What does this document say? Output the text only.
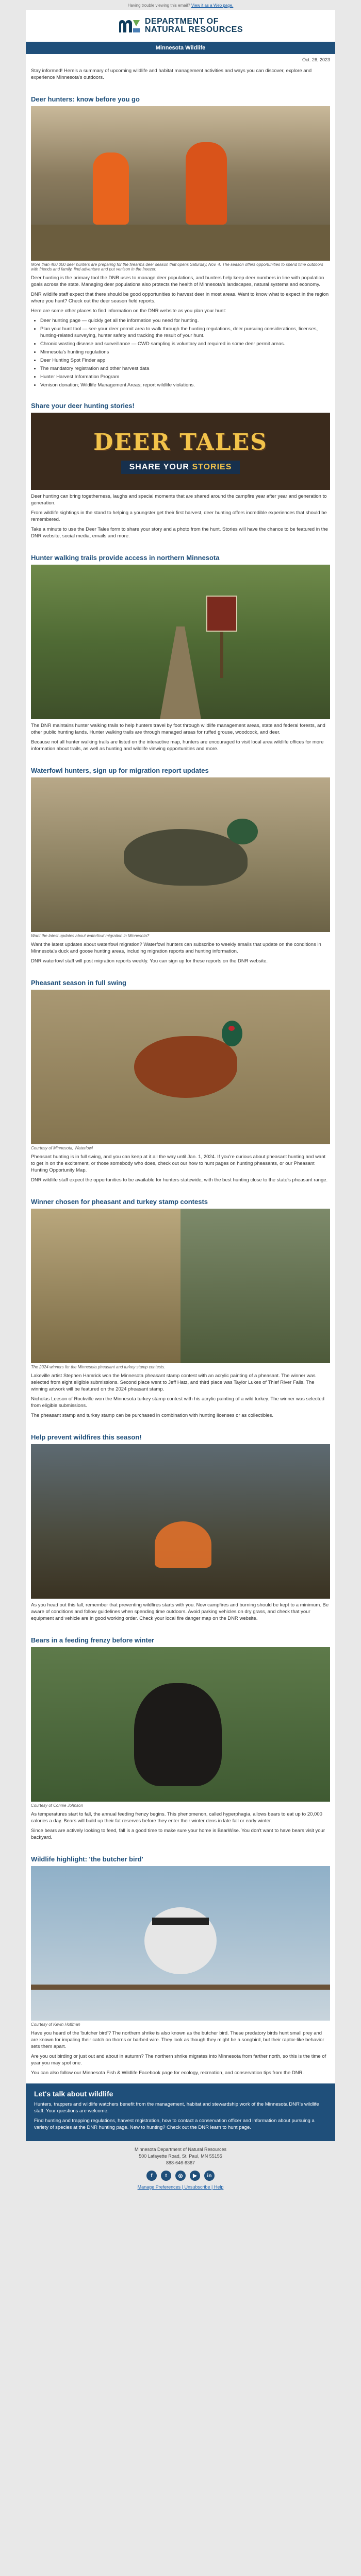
Having trouble viewing this email? View it as a Web page.
DEPARTMENT OF
NATURAL RESOURCES
Minnesota Wildlife
Oct. 26, 2023

Stay informed! Here's a summary of upcoming wildlife and habitat management activities and ways you can discover, explore and experience Minnesota's outdoors.

Deer hunters: know before you go

More than 400,000 deer hunters are preparing for the firearms deer season that opens Saturday, Nov. 4. The season offers opportunities to spend time outdoors with friends and family, find adventure and put venison in the freezer.

Deer hunting is the primary tool the DNR uses to manage deer populations, and hunters help keep deer numbers in line with population goals across the state. Managing deer populations also protects the health of Minnesota's landscapes, natural systems and economy.

DNR wildlife staff expect that there should be good opportunities to harvest deer in most areas. Want to know what to expect in the region where you hunt? Check out the deer season field reports.

Here are some other places to find information on the DNR website as you plan your hunt:

• Deer hunting page — quickly get all the information you need for hunting.
• Plan your hunt tool — see your deer permit area to walk through the hunting regulations, deer pursuing considerations, licenses, hunting-related surveying, hunter safety and tracking the result of your hunt.
• Chronic wasting disease and surveillance — CWD sampling is voluntary and required in some deer permit areas.
• Minnesota's hunting regulations
• Deer Hunting Spot Finder app
• The mandatory registration and other harvest data
• Hunter Harvest Information Program
• Venison donation; Wildlife Management Areas; report wildlife violations.
Share your deer hunting stories!
DEER TALES
SHARE YOUR STORIES

Deer hunting can bring togetherness, laughs and special moments that are shared around the campfire year after year and generation to generation.

From wildlife sightings in the stand to helping a youngster get their first harvest, deer hunting offers incredible experiences that should be remembered.

Take a minute to use the Deer Tales form to share your story and a photo from the hunt. Stories will have the chance to be featured in the DNR website, social media, emails and more.

Hunter walking trails provide access in northern Minnesota

The DNR maintains hunter walking trails to help hunters travel by foot through wildlife management areas, state and federal forests, and other public hunting lands. Hunter walking trails are through managed areas for ruffed grouse, woodcock, and deer.

Because not all hunter walking trails are listed on the interactive map, hunters are encouraged to visit local area wildlife offices for more information about trails, as well as hunting and wildlife viewing opportunities and more.

Waterfowl hunters, sign up for migration report updates

Want the latest updates about waterfowl migration in Minnesota?

Want the latest updates about waterfowl migration? Waterfowl hunters can subscribe to weekly emails that update on the conditions in Minnesota's duck and goose hunting areas, including migration reports and hunting information.

DNR waterfowl staff will post migration reports weekly. You can sign up for these reports on the DNR website.

Pheasant season in full swing

Courtesy of Minnesota, Waterfowl

Pheasant hunting is in full swing, and you can keep at it all the way until Jan. 1, 2024. If you're curious about pheasant hunting and want to get in on the excitement, or those somebody who does, check out our how to hunt pages on hunting pheasants, or our Pheasant Hunting Opportunity Map.

DNR wildlife staff expect the opportunities to be available for hunters statewide, with the best hunting close to the state's pheasant range.

Winner chosen for pheasant and turkey stamp contests

The 2024 winners for the Minnesota pheasant and turkey stamp contests.

Lakeville artist Stephen Hamrick won the Minnesota pheasant stamp contest with an acrylic painting of a pheasant. The winner was selected from eight eligible submissions. Second place went to Jeff Hatz, and third place was Taylor Lukes of Thief River Falls. The winning artwork will be featured on the 2024 pheasant stamp.

Nicholas Leeson of Rockville won the Minnesota turkey stamp contest with his acrylic painting of a wild turkey. The winner was selected from eligible submissions.

The pheasant stamp and turkey stamp can be purchased in combination with hunting licenses or as collectibles.

Help prevent wildfires this season!

As you head out this fall, remember that preventing wildfires starts with you. Now campfires and burning should be kept to a minimum. Be aware of conditions and follow guidelines when spending time outdoors. Avoid parking vehicles on dry grass, and check that your equipment and vehicle are in good working order. Check your local fire danger map on the DNR website.

Bears in a feeding frenzy before winter

Courtesy of Connie Johnson

As temperatures start to fall, the annual feeding frenzy begins. This phenomenon, called hyperphagia, allows bears to eat up to 20,000 calories a day. Bears will build up their fat reserves before they enter their winter dens in late fall or early winter.

Since bears are actively looking to feed, fall is a good time to make sure your home is BearWise. You don't want to have bears visit your backyard.

Wildlife highlight: 'the butcher bird'

Courtesy of Kevin Hoffman

Have you heard of the 'butcher bird'? The northern shrike is also known as the butcher bird. These predatory birds hunt small prey and are known for impaling their catch on thorns or barbed wire. They look as though they might be a songbird, but their raptor-like behavior sets them apart.

Are you out birding or just out and about in autumn? The northern shrike migrates into Minnesota from farther north, so this is the time of year you may spot one.

You can also follow our Minnesota Fish & Wildlife Facebook page for ecology, recreation, and conservation tips from the DNR.

Let's talk about wildlife

Hunters, trappers and wildlife watchers benefit from the management, habitat and stewardship work of the Minnesota DNR's wildlife staff. Your questions are welcome.

Find hunting and trapping regulations, harvest registration, how to contact a conservation officer and information about pursuing a variety of species at the DNR hunting page. New to hunting? Check out the DNR learn to hunt page.

Minnesota Department of Natural Resources
500 Lafayette Road, St. Paul, MN 55155
888-646-6367
f	t	◎	▶	in
Manage Preferences | Unsubscribe | Help
